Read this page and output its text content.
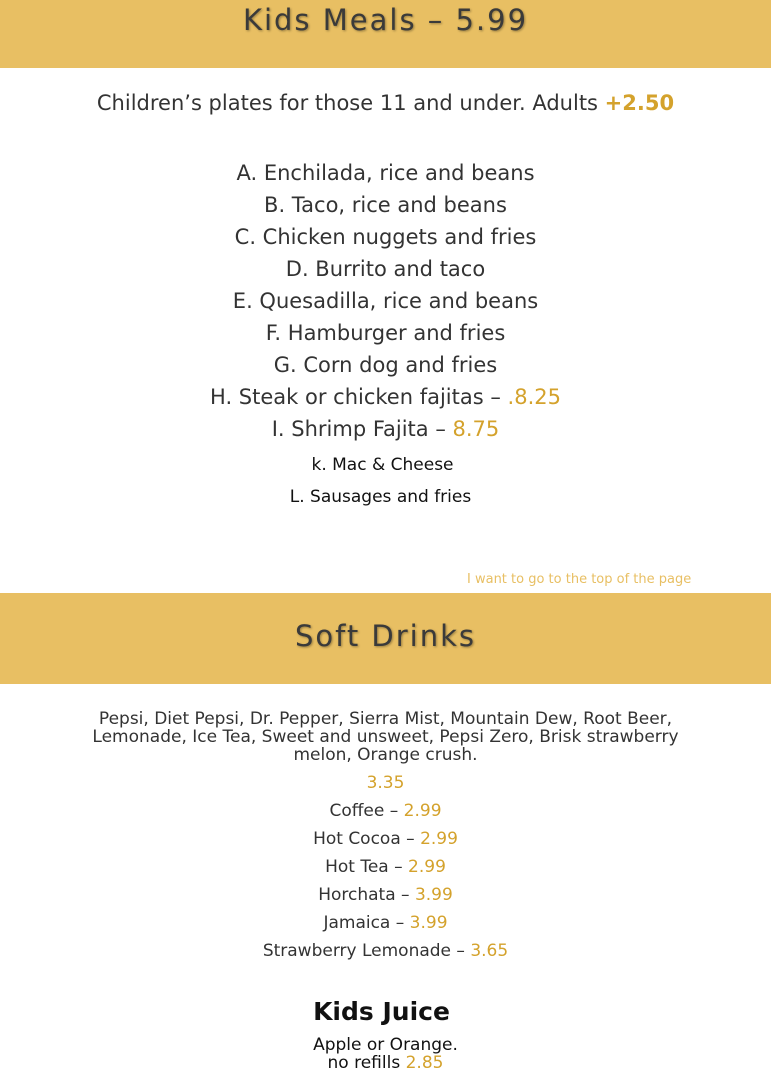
Kids Meals – 5.99
Children’s plates for those 11 and under. Adults +2.50
A. Enchilada, rice and beans
B. Taco, rice and beans
C. Chicken nuggets and fries
D. Burrito and taco
E. Quesadilla, rice and beans
F. Hamburger and fries
G. Corn dog and fries
H. Steak or chicken fajitas – .8.25
I. Shrimp Fajita – 8.75
k. Mac & Cheese
L. Sausages and fries
I want to go to the top of the page
Soft Drinks
Pepsi, Diet Pepsi, Dr. Pepper, Sierra Mist, Mountain Dew, Root Beer, Lemonade, Ice Tea, Sweet and unsweet, Pepsi Zero, Brisk strawberry melon, Orange crush.
3.35
Coffee – 2.99
Hot Cocoa – 2.99
Hot Tea – 2.99
Horchata – 3.99
Jamaica – 3.99
Strawberry Lemonade – 3.65
Kids Juice
Apple or Orange.
no refills 2.85
